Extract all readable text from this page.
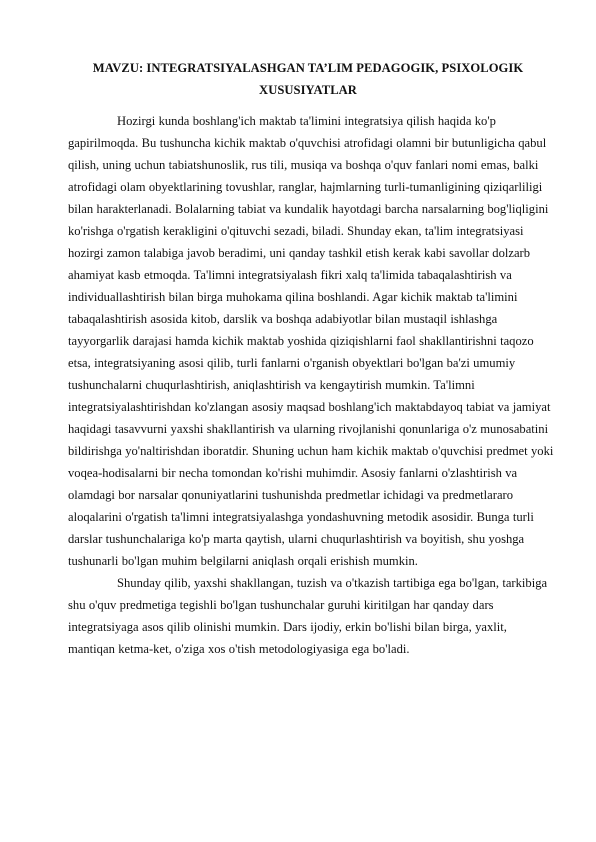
MAVZU: INTEGRATSIYALASHGAN TA’LIM PEDAGOGIK, PSIXOLOGIK XUSUSIYATLAR

Hozirgi kunda boshlang'ich maktab ta'limini integratsiya qilish haqida ko'p gapirilmoqda. Bu tushuncha kichik maktab o'quvchisi atrofidagi olamni bir butunligicha qabul qilish, uning uchun tabiatshunoslik, rus tili, musiqa va boshqa o'quv fanlari nomi emas, balki atrofidagi olam obyektlarining tovushlar, ranglar, hajmlarning turli-tumanligining qiziqarliligi bilan harakterlanadi. Bolalarning tabiat va kundalik hayotdagi barcha narsalarning bog'liqligini ko'rishga o'rgatish kerakligini o'qituvchi sezadi, biladi. Shunday ekan, ta'lim integratsiyasi hozirgi zamon talabiga javob beradimi, uni qanday tashkil etish kerak kabi savollar dolzarb ahamiyat kasb etmoqda. Ta'limni integratsiyalash fikri xalq ta'limida tabaqalashtirish va individuallashtirish bilan birga muhokama qilina boshlandi. Agar kichik maktab ta'limini tabaqalashtirish asosida kitob, darslik va boshqa adabiyotlar bilan mustaqil ishlashga tayyorgarlik darajasi hamda kichik maktab yoshida qiziqishlarni faol shakllantirishni taqozo etsa, integratsiyaning asosi qilib, turli fanlarni o'rganish obyektlari bo'lgan ba'zi umumiy tushunchalarni chuqurlashtirish, aniqlashtirish va kengaytirish mumkin. Ta'limni integratsiyalashtirishdan ko'zlangan asosiy maqsad boshlang'ich maktabdayoq tabiat va jamiyat haqidagi tasavvurni yaxshi shakllantirish va ularning rivojlanishi qonunlariga o'z munosabatini bildirishga yo'naltirishdan iboratdir. Shuning uchun ham kichik maktab o'quvchisi predmet yoki voqea-hodisalarni bir necha tomondan ko'rishi muhimdir. Asosiy fanlarni o'zlashtirish va olamdagi bor narsalar qonuniyatlarini tushunishda predmetlar ichidagi va predmetlararo aloqalarini o'rgatish ta'limni integratsiyalashga yondashuvning metodik asosidir. Bunga turli darslar tushunchalariga ko'p marta qaytish, ularni chuqurlashtirish va boyitish, shu yoshga tushunarli bo'lgan muhim belgilarni aniqlash orqali erishish mumkin.

Shunday qilib, yaxshi shakllangan, tuzish va o'tkazish tartibiga ega bo'lgan, tarkibiga shu o'quv predmetiga tegishli bo'lgan tushunchalar guruhi kiritilgan har qanday dars integratsiyaga asos qilib olinishi mumkin. Dars ijodiy, erkin bo'lishi bilan birga, yaxlit, mantiqan ketma-ket, o'ziga xos o'tish metodologiyasiga ega bo'ladi.
